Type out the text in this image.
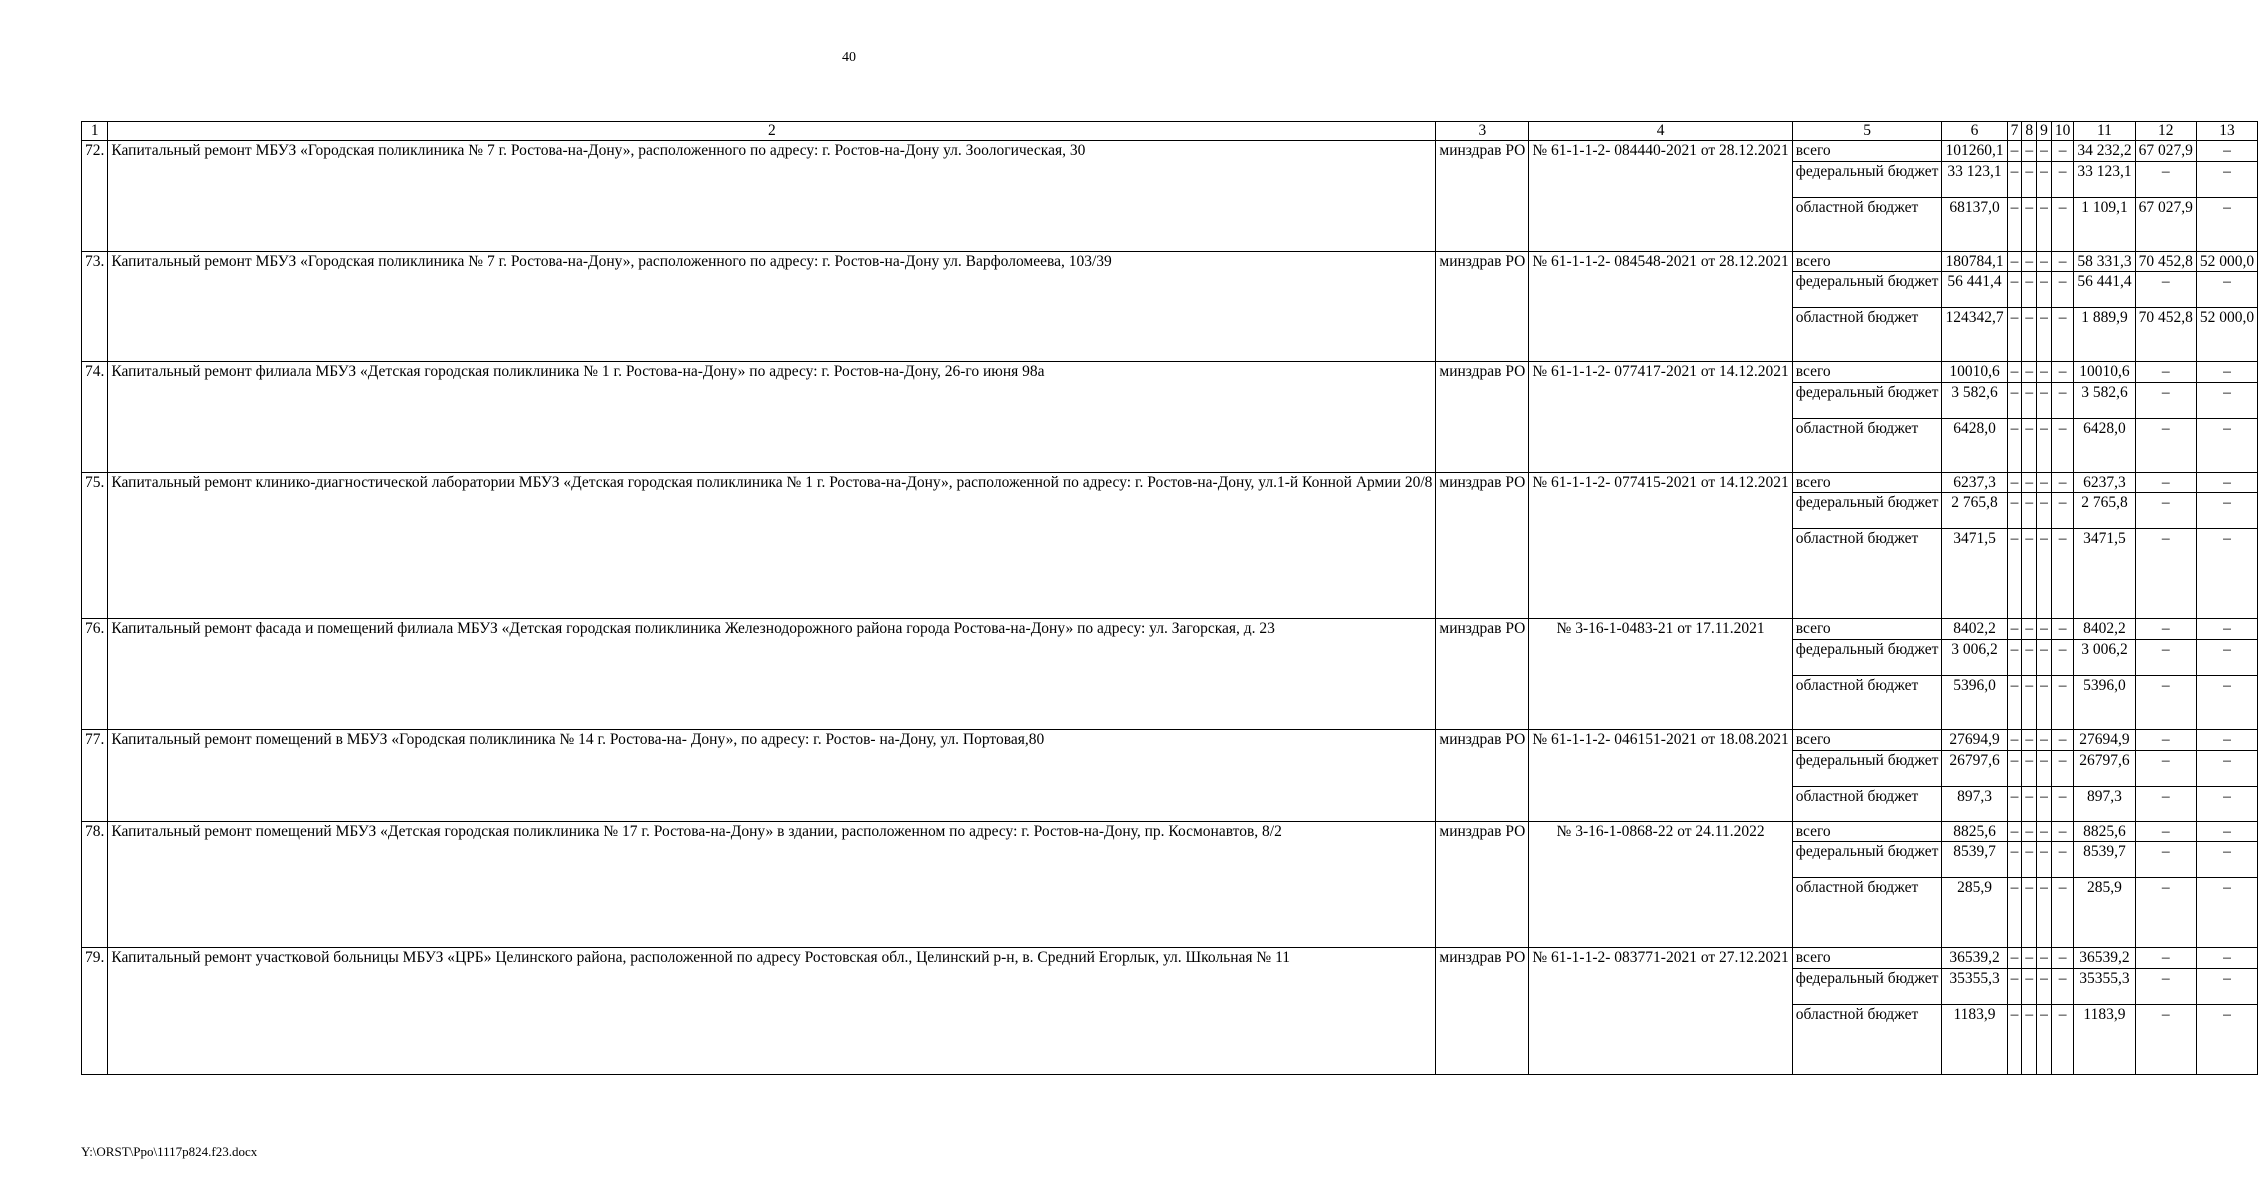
40
1	2	3	4	5	6	7	8	9	10	11	12	13
72.	Капитальный ремонт МБУЗ «Городская поликлиника № 7 г. Ростова-на-Дону», расположенного по адресу: г. Ростов-на-Дону ул. Зоологическая, 30	минздрав РО	№ 61-1-1-2- 084440-2021 от 28.12.2021	всего	101260,1	–	–	–	–	34 232,2	67 027,9	–
				федеральный бюджет	33 123,1	–	–	–	–	33 123,1	–	–
				областной бюджет	68137,0	–	–	–	–	1 109,1	67 027,9	–
73.	Капитальный ремонт МБУЗ «Городская поликлиника № 7 г. Ростова-на-Дону», расположенного по адресу: г. Ростов-на-Дону ул. Варфоломеева, 103/39	минздрав РО	№ 61-1-1-2- 084548-2021 от 28.12.2021	всего	180784,1	–	–	–	–	58 331,3	70 452,8	52 000,0
				федеральный бюджет	56 441,4	–	–	–	–	56 441,4	–	–
				областной бюджет	124342,7	–	–	–	–	1 889,9	70 452,8	52 000,0
74.	Капитальный ремонт филиала МБУЗ «Детская городская поликлиника № 1 г. Ростова-на-Дону» по адресу: г. Ростов-на-Дону, 26-го июня 98а	минздрав РО	№ 61-1-1-2- 077417-2021 от 14.12.2021	всего	10010,6	–	–	–	–	10010,6	–	–
				федеральный бюджет	3 582,6	–	–	–	–	3 582,6	–	–
				областной бюджет	6428,0	–	–	–	–	6428,0	–	–
75.	Капитальный ремонт клинико-диагностической лаборатории МБУЗ «Детская городская поликлиника № 1 г. Ростова-на-Дону», расположенной по адресу: г. Ростов-на-Дону, ул.1-й Конной Армии 20/8	минздрав РО	№ 61-1-1-2- 077415-2021 от 14.12.2021	всего	6237,3	–	–	–	–	6237,3	–	–
				федеральный бюджет	2 765,8	–	–	–	–	2 765,8	–	–
				областной бюджет	3471,5	–	–	–	–	3471,5	–	–
76.	Капитальный ремонт фасада и помещений филиала МБУЗ «Детская городская поликлиника Железнодорожного района города Ростова-на-Дону» по адресу: ул. Загорская, д. 23	минздрав РО	№ 3-16-1-0483-21 от 17.11.2021	всего	8402,2	–	–	–	–	8402,2	–	–
				федеральный бюджет	3 006,2	–	–	–	–	3 006,2	–	–
				областной бюджет	5396,0	–	–	–	–	5396,0	–	–
77.	Капитальный ремонт помещений в МБУЗ «Городская поликлиника № 14 г. Ростова-на- Дону», по адресу: г. Ростов- на-Дону, ул. Портовая,80	минздрав РО	№ 61-1-1-2- 046151-2021 от 18.08.2021	всего	27694,9	–	–	–	–	27694,9	–	–
				федеральный бюджет	26797,6	–	–	–	–	26797,6	–	–
				областной бюджет	897,3	–	–	–	–	897,3	–	–
78.	Капитальный ремонт помещений МБУЗ «Детская городская поликлиника № 17 г. Ростова-на-Дону» в здании, расположенном по адресу: г. Ростов-на-Дону, пр. Космонавтов, 8/2	минздрав РО	№ 3-16-1-0868-22 от 24.11.2022	всего	8825,6	–	–	–	–	8825,6	–	–
				федеральный бюджет	8539,7	–	–	–	–	8539,7	–	–
				областной бюджет	285,9	–	–	–	–	285,9	–	–
79.	Капитальный ремонт участковой больницы МБУЗ «ЦРБ» Целинского района, расположенной по адресу Ростовская обл., Целинский р-н, в. Средний Егорлык, ул. Школьная № 11	минздрав РО	№ 61-1-1-2- 083771-2021 от 27.12.2021	всего	36539,2	–	–	–	–	36539,2	–	–
				федеральный бюджет	35355,3	–	–	–	–	35355,3	–	–
				областной бюджет	1183,9	–	–	–	–	1183,9	–	–
Y:\ORST\Ppo\1117p824.f23.docx
